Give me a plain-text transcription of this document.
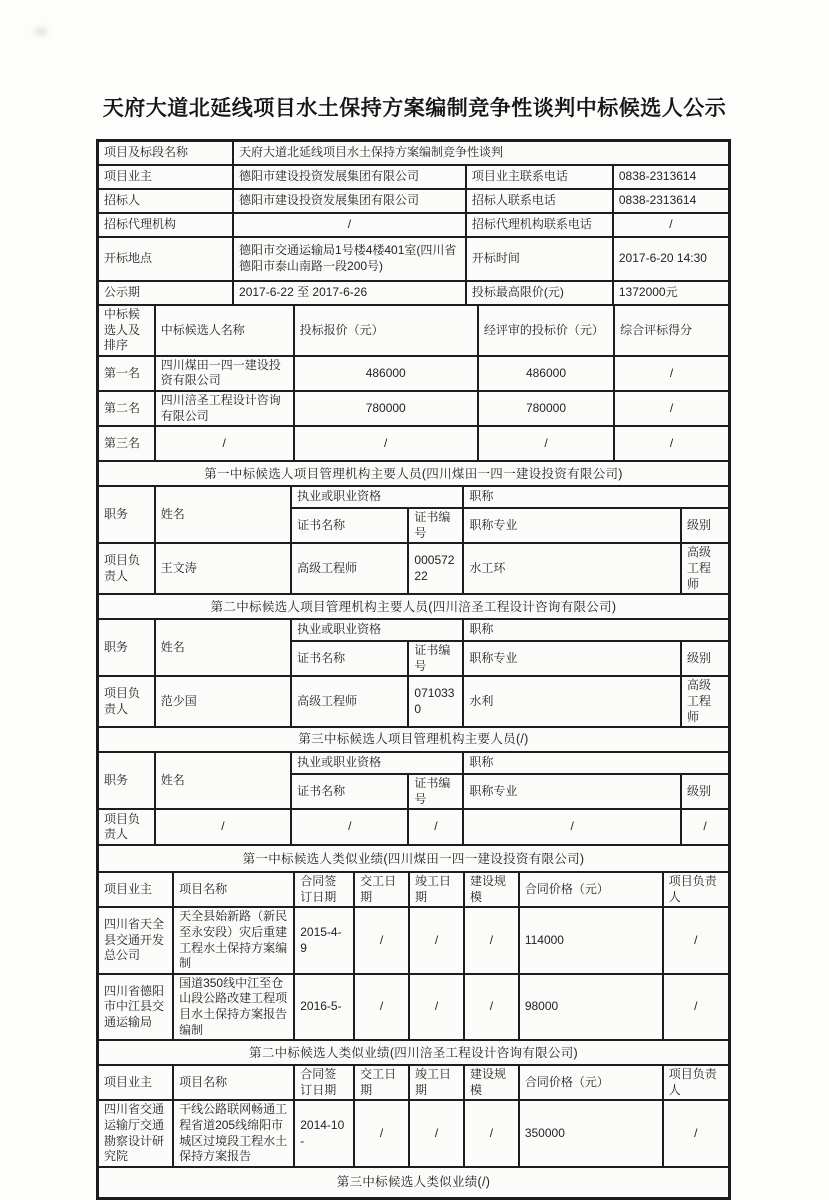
天府大道北延线项目水土保持方案编制竞争性谈判中标候选人公示
项目及标段名称	天府大道北延线项目水土保持方案编制竞争性谈判		
项目业主	德阳市建设投资发展集团有限公司	项目业主联系电话	0838-2313614
招标人	德阳市建设投资发展集团有限公司	招标人联系电话	0838-2313614
招标代理机构	/	招标代理机构联系电话	/
开标地点	德阳市交通运输局1号楼4楼401室(四川省德阳市泰山南路一段200号)	开标时间	2017-6-20 14:30
公示期	2017-6-22 至 2017-6-26	投标最高限价(元)	1372000元
中标候选人及排序	中标候选人名称	投标报价（元）	经评审的投标价（元）	综合评标得分
第一名	四川煤田一四一建设投资有限公司	486000	486000	/
第二名	四川涪圣工程设计咨询有限公司	780000	780000	/
第三名	/	/	/	/
第一中标候选人项目管理机构主要人员(四川煤田一四一建设投资有限公司)					
职务	姓名	执业或职业资格		职称	
		证书名称	证书编号	职称专业	级别
项目负责人	王文涛	高级工程师	00057222	水工环	高级工程师
第二中标候选人项目管理机构主要人员(四川涪圣工程设计咨询有限公司)					
职务	姓名	执业或职业资格		职称	
		证书名称	证书编号	职称专业	级别
项目负责人	范少国	高级工程师	0710330	水利	高级工程师
第三中标候选人项目管理机构主要人员(/)					
职务	姓名	执业或职业资格		职称	
		证书名称	证书编号	职称专业	级别
项目负责人	/	/	/	/	/
第一中标候选人类似业绩(四川煤田一四一建设投资有限公司)							
项目业主	项目名称	合同签订日期	交工日期	竣工日期	建设规模	合同价格（元）	项目负责人
四川省天全县交通开发总公司	天全县始新路（新民至永安段）灾后重建工程水土保持方案编制	2015-4-9	/	/	/	114000	/
四川省德阳市中江县交通运输局	国道350线中江至仓山段公路改建工程项目水土保持方案报告编制	2016-5-	/	/	/	98000	/
第二中标候选人类似业绩(四川涪圣工程设计咨询有限公司)							
项目业主	项目名称	合同签订日期	交工日期	竣工日期	建设规模	合同价格（元）	项目负责人
四川省交通运输厅交通勘察设计研究院	干线公路联网畅通工程省道205线绵阳市城区过境段工程水土保持方案报告	2014-10-	/	/	/	350000	/
第三中标候选人类似业绩(/)
